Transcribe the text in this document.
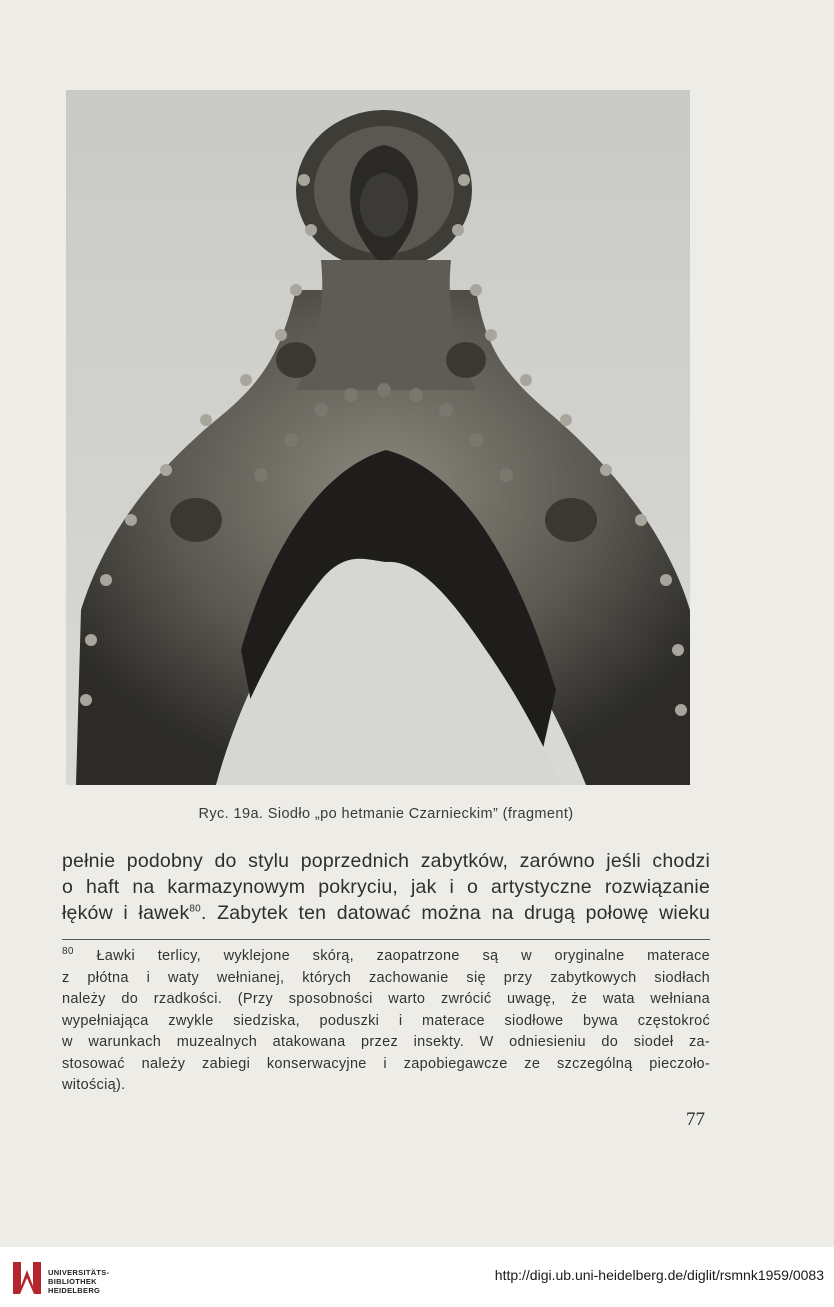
Ryc. 19a. Siodło „po hetmanie Czarnieckim” (fragment)
pełnie podobny do stylu poprzednich zabytków, zarówno jeśli chodzi
o haft na karmazynowym pokryciu, jak i o artystyczne rozwiązanie
łęków i ławek$^{80}$. Zabytek ten datować można na drugą połowę wieku
$^{80}$ Ławki terlicy, wyklejone skórą, zaopatrzone są w oryginalne materace
z płótna i waty wełnianej, których zachowanie się przy zabytkowych siodłach
należy do rzadkości. (Przy sposobności warto zwrócić uwagę, że wata wełniana
wypełniająca zwykle siedziska, poduszki i materace siodłowe bywa częstokroć
w warunkach muzealnych atakowana przez insekty. W odniesieniu do siodeł za-
stosować należy zabiegi konserwacyjne i zapobiegawcze ze szczególną pieczoło-
witością).
77
UNIVERSITÄTS-
BIBLIOTHEK
HEIDELBERG
http://digi.ub.uni-heidelberg.de/diglit/rsmnk1959/0083
